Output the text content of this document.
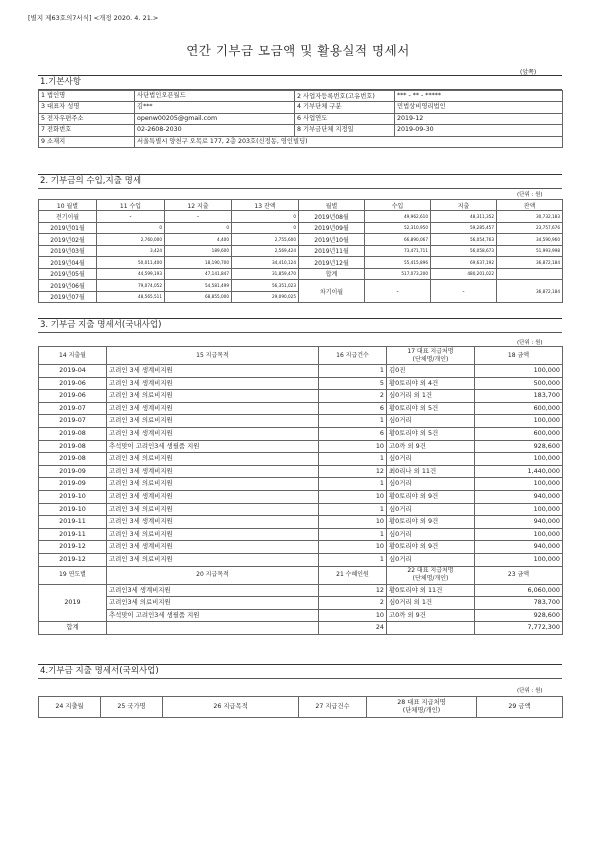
[별지 제63호의7서식] <개정 2020. 4. 21.>
연간 기부금 모금액 및 활용실적 명세서
(앞쪽)
1.기본사항
1 법인명	사단법인오픈월드	2 사업자등록번호(고유번호)	*** - ** - *****
3 대표자 성명	김***	4 기부단체 구분	민법상비영리법인
5 전자우편주소	openw00205@gmail.com	6 사업연도	2019-12
7 전화번호	02-2608-2030	8 기부금단체 지정일	2019-09-30
9 소재지	서울특별시 양천구 오목로 177, 2층 203호(신정동, 영인빌딩)		
2. 기부금의 수입,지출 명세
(단위 : 원)
10 월별	11 수입	12 지출	13 잔액	월별	수입	지출	잔액
전기이월	-	-	0	2019년08월	49,962,610	48,311,352	30,732,183
2019년01월	0	0	0	2019년09월	52,310,950	59,285,457	23,757,676
2019년02월	2,760,000	4,400	2,755,600	2019년10월	66,890,067	56,054,763	34,590,960
2019년03월	3,424	189,600	2,569,424	2019년11월	73,471,711	56,058,673	51,993,998
2019년04월	50,011,400	18,190,700	34,410,124	2019년12월	55,415,896	69,637,192	36,872,184
2019년05월	44,599,193	47,141,847	31,859,470	합계	517,073,200	480,201,022	
2019년06월	79,074,052	54,581,499	56,351,023	차기이월	-	-	36,872,184
2019년07월	48,565,511	68,855,000	29,090,025				
3. 기부금 지출 명세서(국내사업)
(단위 : 원)
14 지출월	15 지급목적	16 지급건수	17 대표 지급처명
(단체명/개인)	18 금액
2019-04	고려인 3세 생계비지원	1	김0진	100,000
2019-06	고려인 3세 생계비지원	5	황0토리야 외 4건	500,000
2019-06	고려인 3세 의료비지원	2	심0거리 외 1건	183,700
2019-07	고려인 3세 생계비지원	6	황0토리야 외 5건	600,000
2019-07	고려인 3세 의료비지원	1	심0거리	100,000
2019-08	고려인 3세 생계비지원	6	황0토리야 외 5건	600,000
2019-08	추석맞이 고려인3세 생필품 지원	10	고0까 외 9건	928,600
2019-08	고려인 3세 의료비지원	1	심0거리	100,000
2019-09	고려인 3세 생계비지원	12	최0리나 외 11건	1,440,000
2019-09	고려인 3세 의료비지원	1	심0거리	100,000
2019-10	고려인 3세 생계비지원	10	황0토리야 외 9건	940,000
2019-10	고려인 3세 의료비지원	1	심0거리	100,000
2019-11	고려인 3세 생계비지원	10	황0토리야 외 9건	940,000
2019-11	고려인 3세 의료비지원	1	심0거리	100,000
2019-12	고려인 3세 생계비지원	10	황0토리야 외 9건	940,000
2019-12	고려인 3세 의료비지원	1	심0거리	100,000
19 연도별	20 지급목적	21 수혜인원	22 대표 지급처명
(단체명/개인)	23 금액
2019	고려인3세 생계비지원	12	황0토리야 외 11건	6,060,000
	고려인3세 의료비지원	2	심0거리 외 1건	783,700
	추석맞이 고려인3세 생필품 지원	10	고0까 외 9건	928,600
합계		24		7,772,300
4.기부금 지출 명세서(국외사업)
(단위 : 원)
24 지출월	25 국가명	26 지급목적	27 지급건수	28 대표 지급처명
(단체명/개인)	29 금액
